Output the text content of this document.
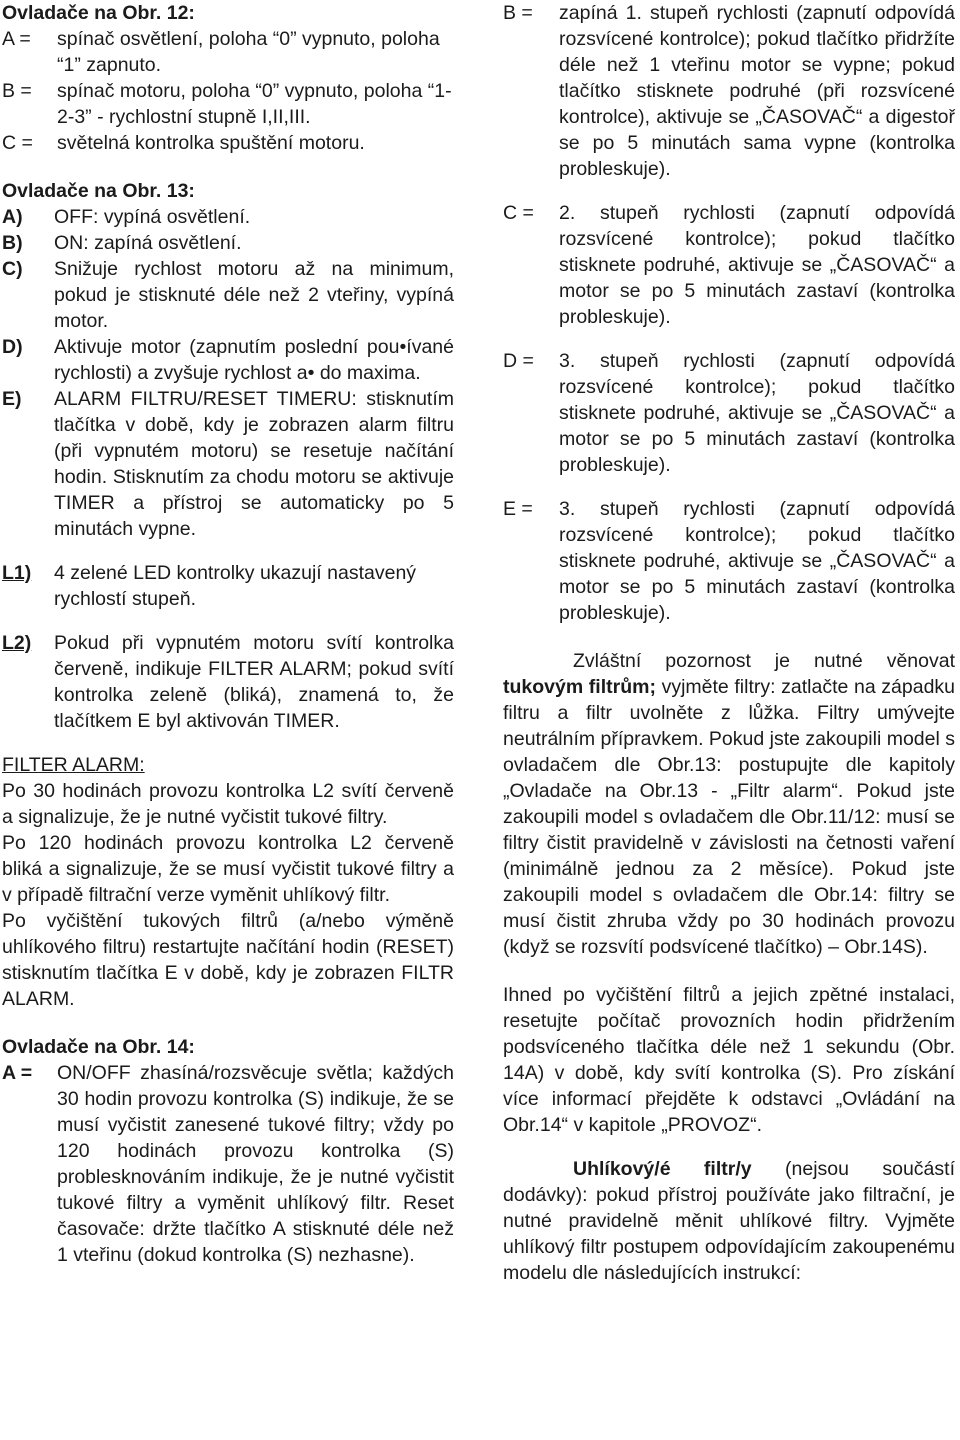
Ovladače na Obr. 12:
A =	spínač osvětlení, poloha “0” vypnuto, poloha “1” zapnuto.
B =	spínač motoru, poloha “0” vypnuto, poloha “1-2-3” - rychlostní stupně I,II,III.
C =	světelná kontrolka spuštění motoru.
Ovladače na Obr. 13:
A)	OFF: vypíná osvětlení.
B)	ON: zapíná osvětlení.
C)	Snižuje rychlost motoru až na minimum, pokud je stisknuté déle než 2 vteřiny, vypíná motor.
D)	Aktivuje motor (zapnutím poslední pou•ívané rychlosti) a zvyšuje rychlost a• do maxima.
E)	ALARM FILTRU/RESET TIMERU: stisknutím tlačítka v době, kdy je zobrazen alarm filtru (při vypnutém motoru) se resetuje načítání hodin. Stisknutím za chodu motoru se aktivuje TIMER a přístroj se automaticky po 5 minutách vypne.
L1)	4 zelené LED kontrolky ukazují nastavený rychlostí stupeň.
L2)	Pokud při vypnutém motoru svítí kontrolka červeně, indikuje FILTER ALARM; pokud svítí kontrolka zeleně (bliká), znamená to, že tlačítkem E byl aktivován TIMER.
FILTER ALARM:

Po 30 hodinách provozu kontrolka L2 svítí červeně a signalizuje, že je nutné vyčistit tukové filtry.

Po 120 hodinách provozu kontrolka L2 červeně bliká a signalizuje, že se musí vyčistit tukové filtry a v případě filtrační verze vyměnit uhlíkový filtr.

Po vyčištění tukových filtrů (a/nebo výměně uhlíkového filtru) restartujte načítání hodin (RESET) stisknutím tlačítka E v době, kdy je zobrazen FILTR ALARM.

Ovladače na Obr. 14:
A =	ON/OFF zhasíná/rozsvěcuje světla; každých 30 hodin provozu kontrolka (S) indikuje, že se musí vyčistit zanesené tukové filtry; vždy po 120 hodinách provozu kontrolka (S) problesknováním indikuje, že je nutné vyčistit tukové filtry a vyměnit uhlíkový filtr. Reset časovače: držte tlačítko A stisknuté déle než 1 vteřinu (dokud kontrolka (S) nezhasne).
B =	zapíná 1. stupeň rychlosti (zapnutí odpovídá rozsvícené kontrolce); pokud tlačítko přidržíte déle než 1 vteřinu motor se vypne; pokud tlačítko stisknete podruhé (při rozsvícené kontrolce), aktivuje se „ČASOVAČ“ a digestoř se po 5 minutách sama vypne (kontrolka probleskuje).
C =	2. stupeň rychlosti (zapnutí odpovídá rozsvícené kontrolce); pokud tlačítko stisknete podruhé, aktivuje se „ČASOVAČ“ a motor se po 5 minutách zastaví (kontrolka probleskuje).
D =	3. stupeň rychlosti (zapnutí odpovídá rozsvícené kontrolce); pokud tlačítko stisknete podruhé, aktivuje se „ČASOVAČ“ a motor se po 5 minutách zastaví (kontrolka probleskuje).
E =	3. stupeň rychlosti (zapnutí odpovídá rozsvícené kontrolce); pokud tlačítko stisknete podruhé, aktivuje se „ČASOVAČ“ a motor se po 5 minutách zastaví (kontrolka probleskuje).

Zvláštní pozornost je nutné věnovat tukovým filtrům; vyjměte filtry: zatlačte na západku filtru a filtr uvolněte z lůžka. Filtry umývejte neutrálním přípravkem. Pokud jste zakoupili model s ovladačem dle Obr.13: postupujte dle kapitoly „Ovladače na Obr.13 - „Filtr alarm“. Pokud jste zakoupili model s ovladačem dle Obr.11/12: musí se filtry čistit pravidelně v závislosti na četnosti vaření (minimálně jednou za 2 měsíce). Pokud jste zakoupili model s ovladačem dle Obr.14: filtry se musí čistit zhruba vždy po 30 hodinách provozu (když se rozsvítí podsvícené tlačítko) – Obr.14S).

Ihned po vyčištění filtrů a jejich zpětné instalaci, resetujte počítač provozních hodin přidržením podsvíceného tlačítka déle než 1 sekundu (Obr. 14A) v době, kdy svítí kontrolka (S). Pro získání více informací přejděte k odstavci „Ovládání na Obr.14“ v kapitole „PROVOZ“.

Uhlíkový/é filtr/y (nejsou součástí dodávky): pokud přístroj používáte jako filtrační, je nutné pravidelně měnit uhlíkové filtry. Vyjměte uhlíkový filtr postupem odpovídajícím zakoupenému modelu dle následujících instrukcí:
